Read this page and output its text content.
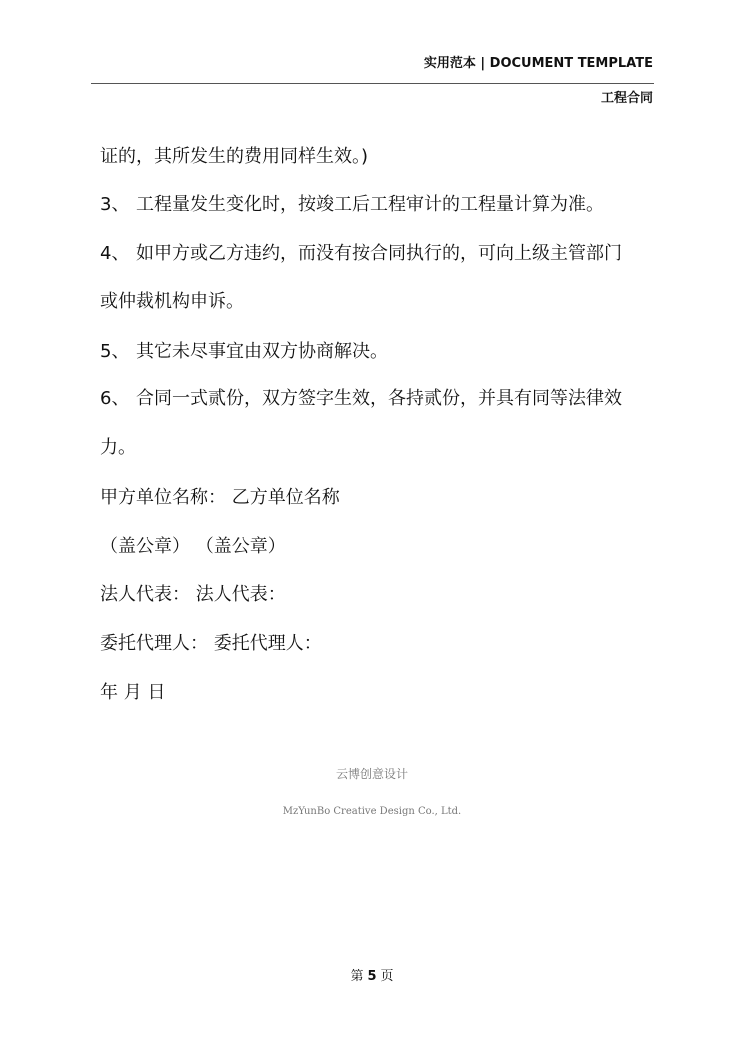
实用范本 | DOCUMENT TEMPLATE
工程合同
证的，其所发生的费用同样生效。)
3、 工程量发生变化时，按竣工后工程审计的工程量计算为准。
4、 如甲方或乙方违约，而没有按合同执行的，可向上级主管部门
或仲裁机构申诉。
5、 其它未尽事宜由双方协商解决。
6、 合同一式贰份，双方签字生效，各持贰份，并具有同等法律效
力。
甲方单位名称： 乙方单位名称
（盖公章） （盖公章）
法人代表： 法人代表：
委托代理人： 委托代理人：
年 月 日
云博创意设计
MzYunBo Creative Design Co., Ltd.
第 5 页
